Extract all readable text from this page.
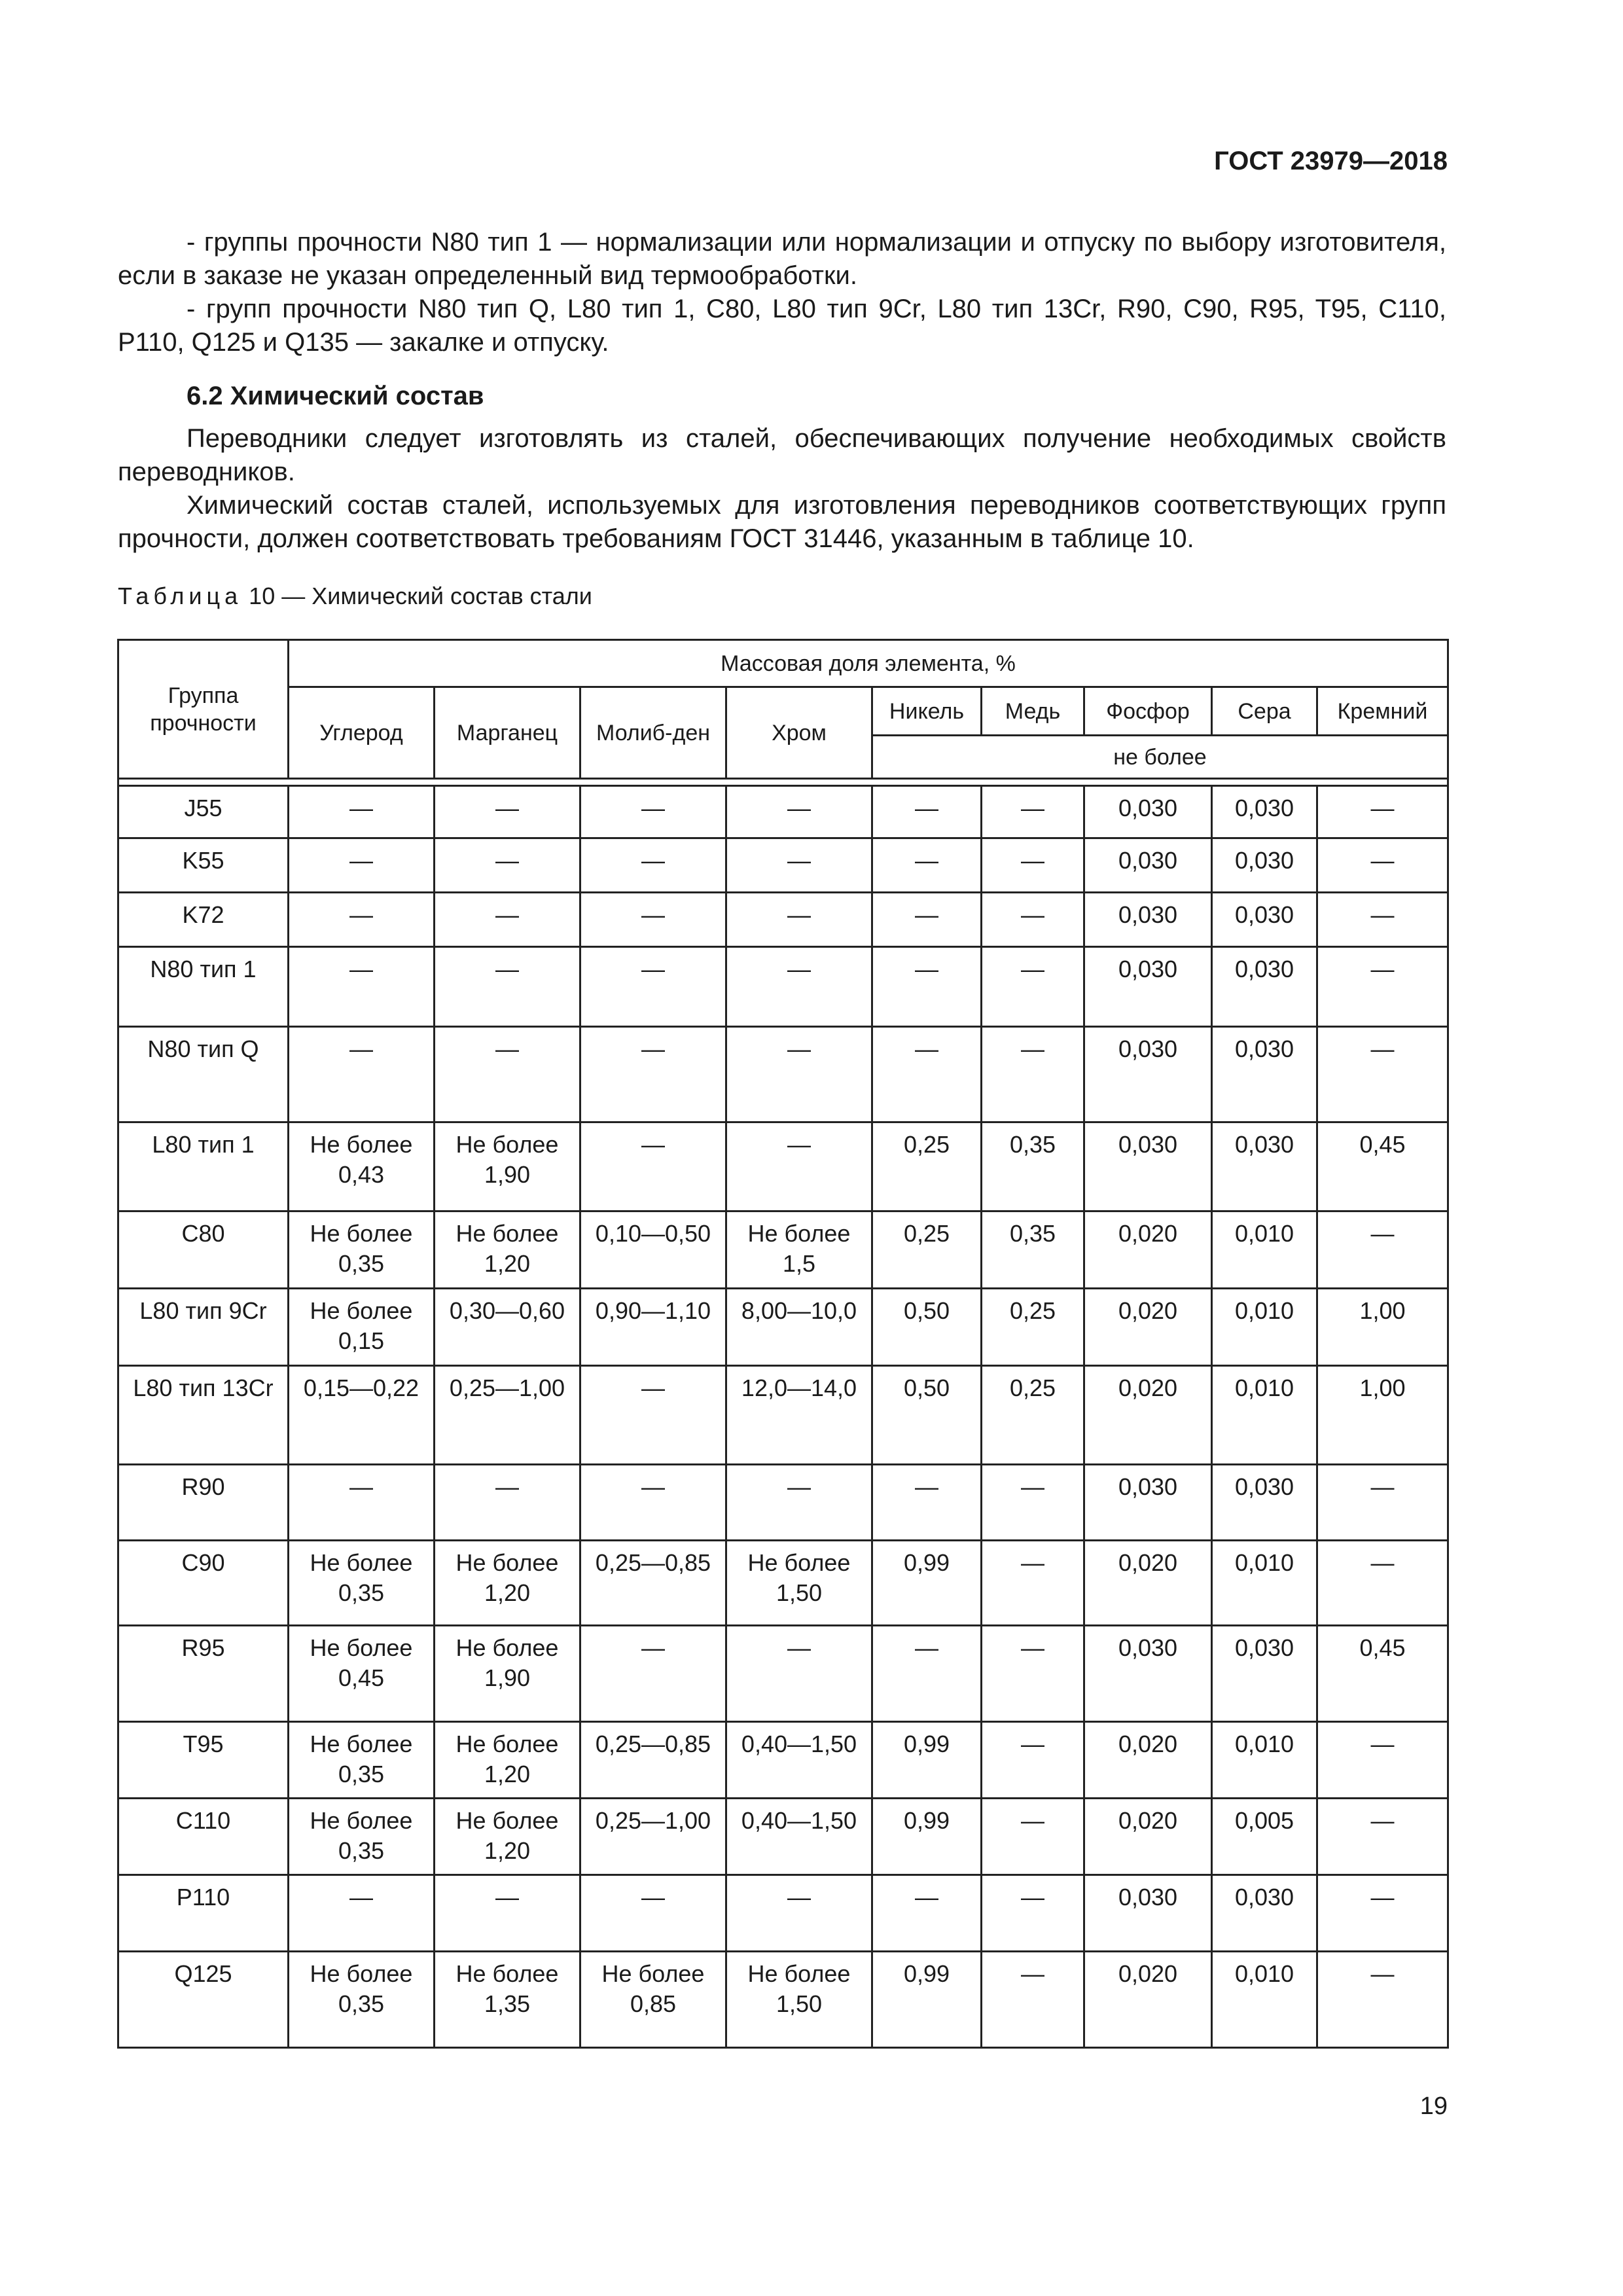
ГОСТ 23979—2018

- группы прочности N80 тип 1 — нормализации или нормализации и отпуску по выбору изготовителя, если в заказе не указан определенный вид термообработки.

- групп прочности N80 тип Q, L80 тип 1, С80, L80 тип 9Cr, L80 тип 13Cr, R90, C90, R95, T95, C110, P110, Q125 и Q135 — закалке и отпуску.

6.2 Химический состав

Переводники следует изготовлять из сталей, обеспечивающих получение необходимых свойств переводников.

Химический состав сталей, используемых для изготовления переводников соответствующих групп прочности, должен соответствовать требованиям ГОСТ 31446, указанным в таблице 10.

Таблица 10 — Химический состав стали
Группа прочности	Массовая доля элемента, %								
	Углерод	Марганец	Молиб-ден	Хром	Никель	Медь	Фосфор	Сера	Кремний
					не более				

J55	—	—	—	—	—	—	0,030	0,030	—
K55	—	—	—	—	—	—	0,030	0,030	—
K72	—	—	—	—	—	—	0,030	0,030	—
N80 тип 1	—	—	—	—	—	—	0,030	0,030	—
N80 тип Q	—	—	—	—	—	—	0,030	0,030	—
L80 тип 1	Не более 0,43	Не более 1,90	—	—	0,25	0,35	0,030	0,030	0,45
C80	Не более 0,35	Не более 1,20	0,10—0,50	Не более 1,5	0,25	0,35	0,020	0,010	—
L80 тип 9Cr	Не более 0,15	0,30—0,60	0,90—1,10	8,00—10,0	0,50	0,25	0,020	0,010	1,00
L80 тип 13Cr	0,15—0,22	0,25—1,00	—	12,0—14,0	0,50	0,25	0,020	0,010	1,00
R90	—	—	—	—	—	—	0,030	0,030	—
C90	Не более 0,35	Не более 1,20	0,25—0,85	Не более 1,50	0,99	—	0,020	0,010	—
R95	Не более 0,45	Не более 1,90	—	—	—	—	0,030	0,030	0,45
T95	Не более 0,35	Не более 1,20	0,25—0,85	0,40—1,50	0,99	—	0,020	0,010	—
C110	Не более 0,35	Не более 1,20	0,25—1,00	0,40—1,50	0,99	—	0,020	0,005	—
P110	—	—	—	—	—	—	0,030	0,030	—
Q125	Не более 0,35	Не более 1,35	Не более 0,85	Не более 1,50	0,99	—	0,020	0,010	—
19
